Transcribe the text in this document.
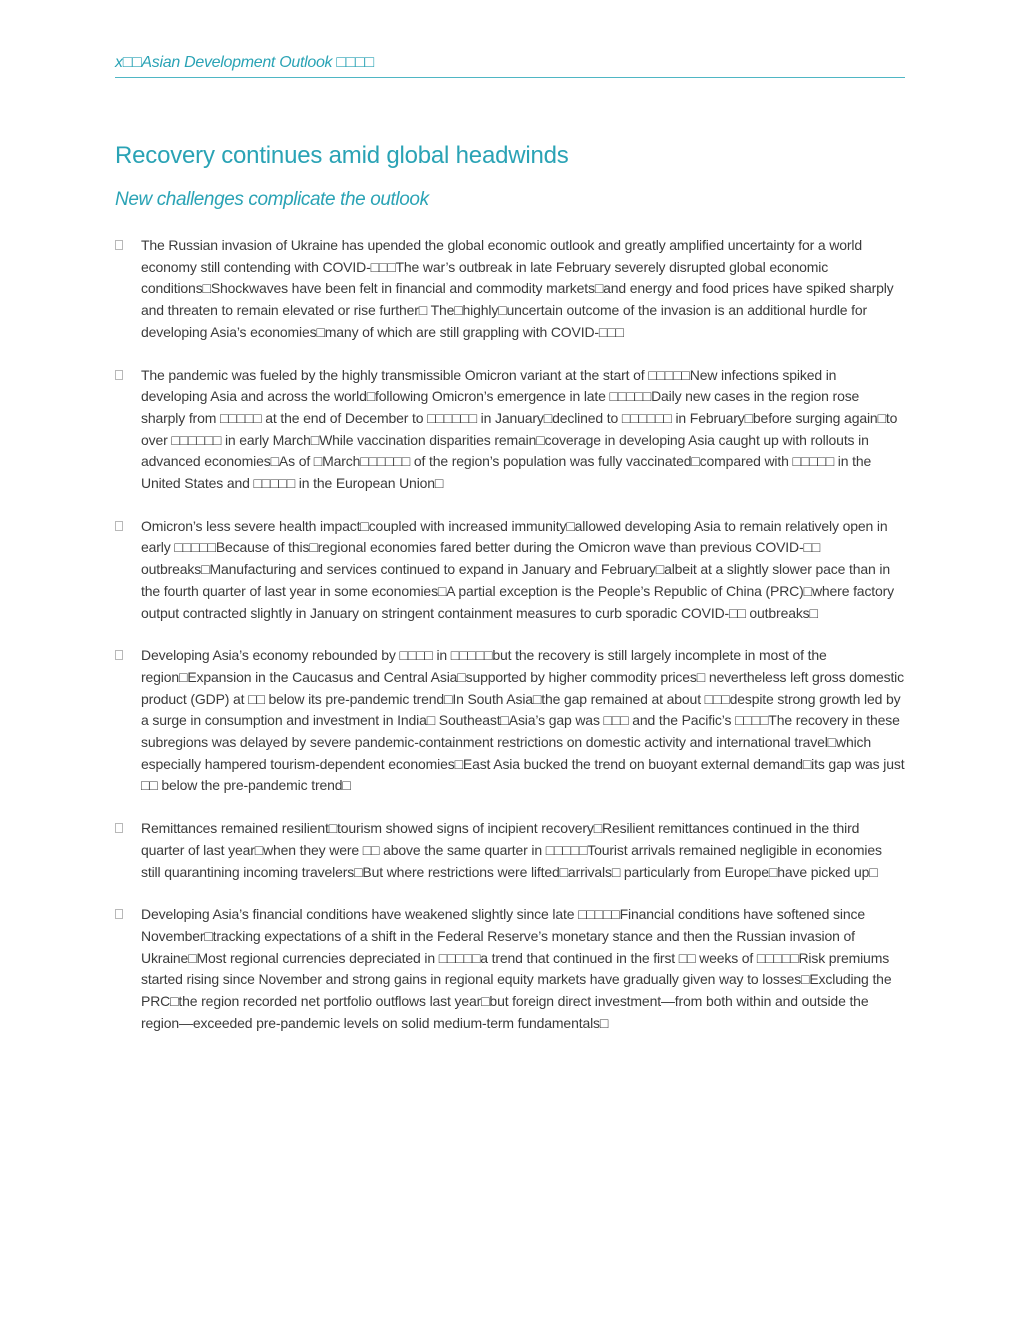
x□□Asian Development Outlook □□□□
Recovery continues amid global headwinds
New challenges complicate the outlook
The Russian invasion of Ukraine has upended the global economic outlook and greatly amplified uncertainty for a world economy still contending with COVID-□□□The war’s outbreak in late February severely disrupted global economic conditions□Shockwaves have been felt in financial and commodity markets□and energy and food prices have spiked sharply and threaten to remain elevated or rise further□ The□highly□uncertain outcome of the invasion is an additional hurdle for developing Asia’s economies□many of which are still grappling with COVID-□□□
The pandemic was fueled by the highly transmissible Omicron variant at the start of □□□□□New infections spiked in developing Asia and across the world□following Omicron’s emergence in late □□□□□Daily new cases in the region rose sharply from □□□□□ at the end of December to □□□□□□ in January□declined to □□□□□□ in February□before surging again□to over □□□□□□ in early March□While vaccination disparities remain□coverage in developing Asia caught up with rollouts in advanced economies□As of □March□□□□□□ of the region’s population was fully vaccinated□compared with □□□□□ in the United States and □□□□□ in the European Union□
Omicron’s less severe health impact□coupled with increased immunity□allowed developing Asia to remain relatively open in early □□□□□Because of this□regional economies fared better during the Omicron wave than previous COVID-□□ outbreaks□Manufacturing and services continued to expand in January and February□albeit at a slightly slower pace than in the fourth quarter of last year in some economies□A partial exception is the People’s Republic of China (PRC)□where factory output contracted slightly in January on stringent containment measures to curb sporadic COVID-□□ outbreaks□
Developing Asia’s economy rebounded by □□□□ in □□□□□but the recovery is still largely incomplete in most of the region□Expansion in the Caucasus and Central Asia□supported by higher commodity prices□ nevertheless left gross domestic product (GDP) at □□ below its pre-pandemic trend□In South Asia□the gap remained at about □□□despite strong growth led by a surge in consumption and investment in India□ Southeast□Asia’s gap was □□□ and the Pacific’s □□□□The recovery in these subregions was delayed by severe pandemic-containment restrictions on domestic activity and international travel□which especially hampered tourism-dependent economies□East Asia bucked the trend on buoyant external demand□its gap was just □□ below the pre-pandemic trend□
Remittances remained resilient□tourism showed signs of incipient recovery□Resilient remittances continued in the third quarter of last year□when they were □□ above the same quarter in □□□□□Tourist arrivals remained negligible in economies still quarantining incoming travelers□But where restrictions were lifted□arrivals□ particularly from Europe□have picked up□
Developing Asia’s financial conditions have weakened slightly since late □□□□□Financial conditions have softened since November□tracking expectations of a shift in the Federal Reserve’s monetary stance and then the Russian invasion of Ukraine□Most regional currencies depreciated in □□□□□a trend that continued in the first □□ weeks of □□□□□Risk premiums started rising since November and strong gains in regional equity markets have gradually given way to losses□Excluding the PRC□the region recorded net portfolio outflows last year□but foreign direct investment—from both within and outside the region—exceeded pre-pandemic levels on solid medium-term fundamentals□
